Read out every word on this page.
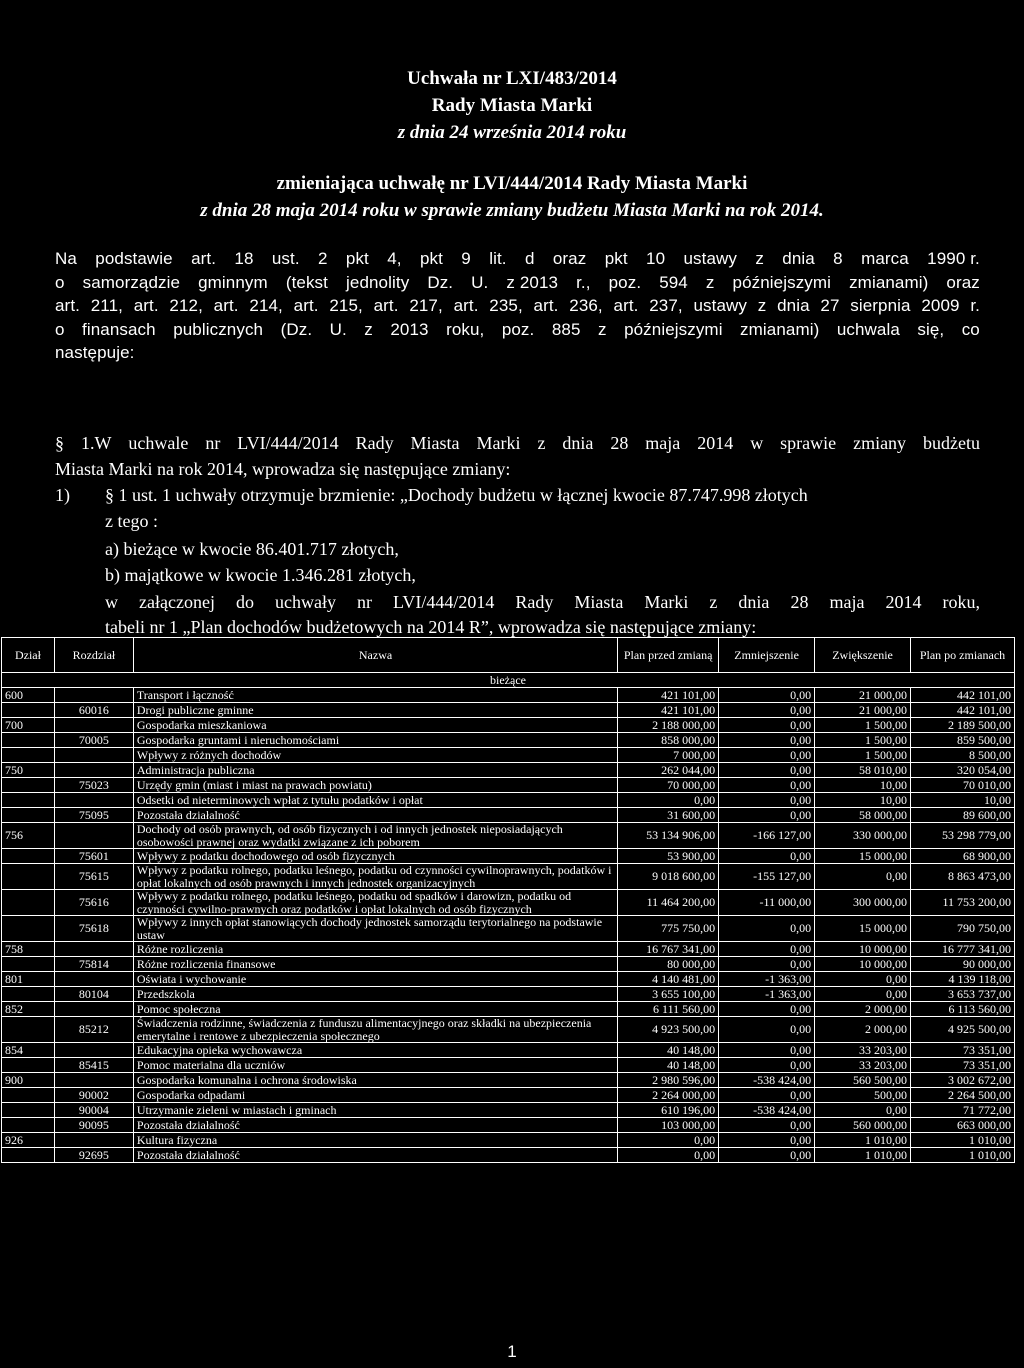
Uchwała nr LXI/483/2014
Rady Miasta Marki
z dnia 24 września 2014 roku
zmieniająca uchwałę nr LVI/444/2014 Rady Miasta Marki
z dnia 28 maja 2014 roku w sprawie zmiany budżetu Miasta Marki na rok 2014.
Na podstawie art. 18 ust. 2 pkt 4, pkt 9 lit. d oraz pkt 10 ustawy z dnia 8 marca 1990 r.
o samorządzie gminnym (tekst jednolity Dz. U. z 2013 r., poz. 594 z późniejszymi zmianami) oraz
art. 211, art. 212, art. 214, art. 215, art. 217, art. 235, art. 236, art. 237, ustawy z dnia 27 sierpnia 2009 r.
o finansach publicznych (Dz. U. z 2013 roku, poz. 885 z późniejszymi zmianami) uchwala się, co
następuje:
§ 1.W uchwale nr LVI/444/2014 Rady Miasta Marki z dnia 28 maja 2014 w sprawie zmiany budżetu
Miasta Marki na rok 2014, wprowadza się następujące zmiany:
1) § 1 ust. 1 uchwały otrzymuje brzmienie: „Dochody budżetu w łącznej kwocie 87.747.998 złotych
z tego :
a) bieżące w kwocie 86.401.717 złotych,
b) majątkowe w kwocie 1.346.281 złotych,
w załączonej do uchwały nr LVI/444/2014 Rady Miasta Marki z dnia 28 maja 2014 roku,
tabeli nr 1 „Plan dochodów budżetowych na 2014 R”, wprowadza się następujące zmiany:
Dział	Rozdział	Nazwa	Plan przed zmianą	Zmniejszenie	Zwiększenie	Plan po zmianach
bieżące						
600		Transport i łączność	421 101,00	0,00	21 000,00	442 101,00
	60016	Drogi publiczne gminne	421 101,00	0,00	21 000,00	442 101,00
700		Gospodarka mieszkaniowa	2 188 000,00	0,00	1 500,00	2 189 500,00
	70005	Gospodarka gruntami i nieruchomościami	858 000,00	0,00	1 500,00	859 500,00
		Wpływy z różnych dochodów	7 000,00	0,00	1 500,00	8 500,00
750		Administracja publiczna	262 044,00	0,00	58 010,00	320 054,00
	75023	Urzędy gmin (miast i miast na prawach powiatu)	70 000,00	0,00	10,00	70 010,00
		Odsetki od nieterminowych wpłat z tytułu podatków i opłat	0,00	0,00	10,00	10,00
	75095	Pozostała działalność	31 600,00	0,00	58 000,00	89 600,00
756		Dochody od osób prawnych, od osób fizycznych i od innych jednostek nieposiadających osobowości prawnej oraz wydatki związane z ich poborem	53 134 906,00	-166 127,00	330 000,00	53 298 779,00
	75601	Wpływy z podatku dochodowego od osób fizycznych	53 900,00	0,00	15 000,00	68 900,00
	75615	Wpływy z podatku rolnego, podatku leśnego, podatku od czynności cywilnoprawnych, podatków i opłat lokalnych od osób prawnych i innych jednostek organizacyjnych	9 018 600,00	-155 127,00	0,00	8 863 473,00
	75616	Wpływy z podatku rolnego, podatku leśnego, podatku od spadków i darowizn, podatku od czynności cywilno-prawnych oraz podatków i opłat lokalnych od osób fizycznych	11 464 200,00	-11 000,00	300 000,00	11 753 200,00
	75618	Wpływy z innych opłat stanowiących dochody jednostek samorządu terytorialnego na podstawie ustaw	775 750,00	0,00	15 000,00	790 750,00
758		Różne rozliczenia	16 767 341,00	0,00	10 000,00	16 777 341,00
	75814	Różne rozliczenia finansowe	80 000,00	0,00	10 000,00	90 000,00
801		Oświata i wychowanie	4 140 481,00	-1 363,00	0,00	4 139 118,00
	80104	Przedszkola	3 655 100,00	-1 363,00	0,00	3 653 737,00
852		Pomoc społeczna	6 111 560,00	0,00	2 000,00	6 113 560,00
	85212	Świadczenia rodzinne, świadczenia z funduszu alimentacyjnego oraz składki na ubezpieczenia emerytalne i rentowe z ubezpieczenia społecznego	4 923 500,00	0,00	2 000,00	4 925 500,00
854		Edukacyjna opieka wychowawcza	40 148,00	0,00	33 203,00	73 351,00
	85415	Pomoc materialna dla uczniów	40 148,00	0,00	33 203,00	73 351,00
900		Gospodarka komunalna i ochrona środowiska	2 980 596,00	-538 424,00	560 500,00	3 002 672,00
	90002	Gospodarka odpadami	2 264 000,00	0,00	500,00	2 264 500,00
	90004	Utrzymanie zieleni w miastach i gminach	610 196,00	-538 424,00	0,00	71 772,00
	90095	Pozostała działalność	103 000,00	0,00	560 000,00	663 000,00
926		Kultura fizyczna	0,00	0,00	1 010,00	1 010,00
	92695	Pozostała działalność	0,00	0,00	1 010,00	1 010,00
1
